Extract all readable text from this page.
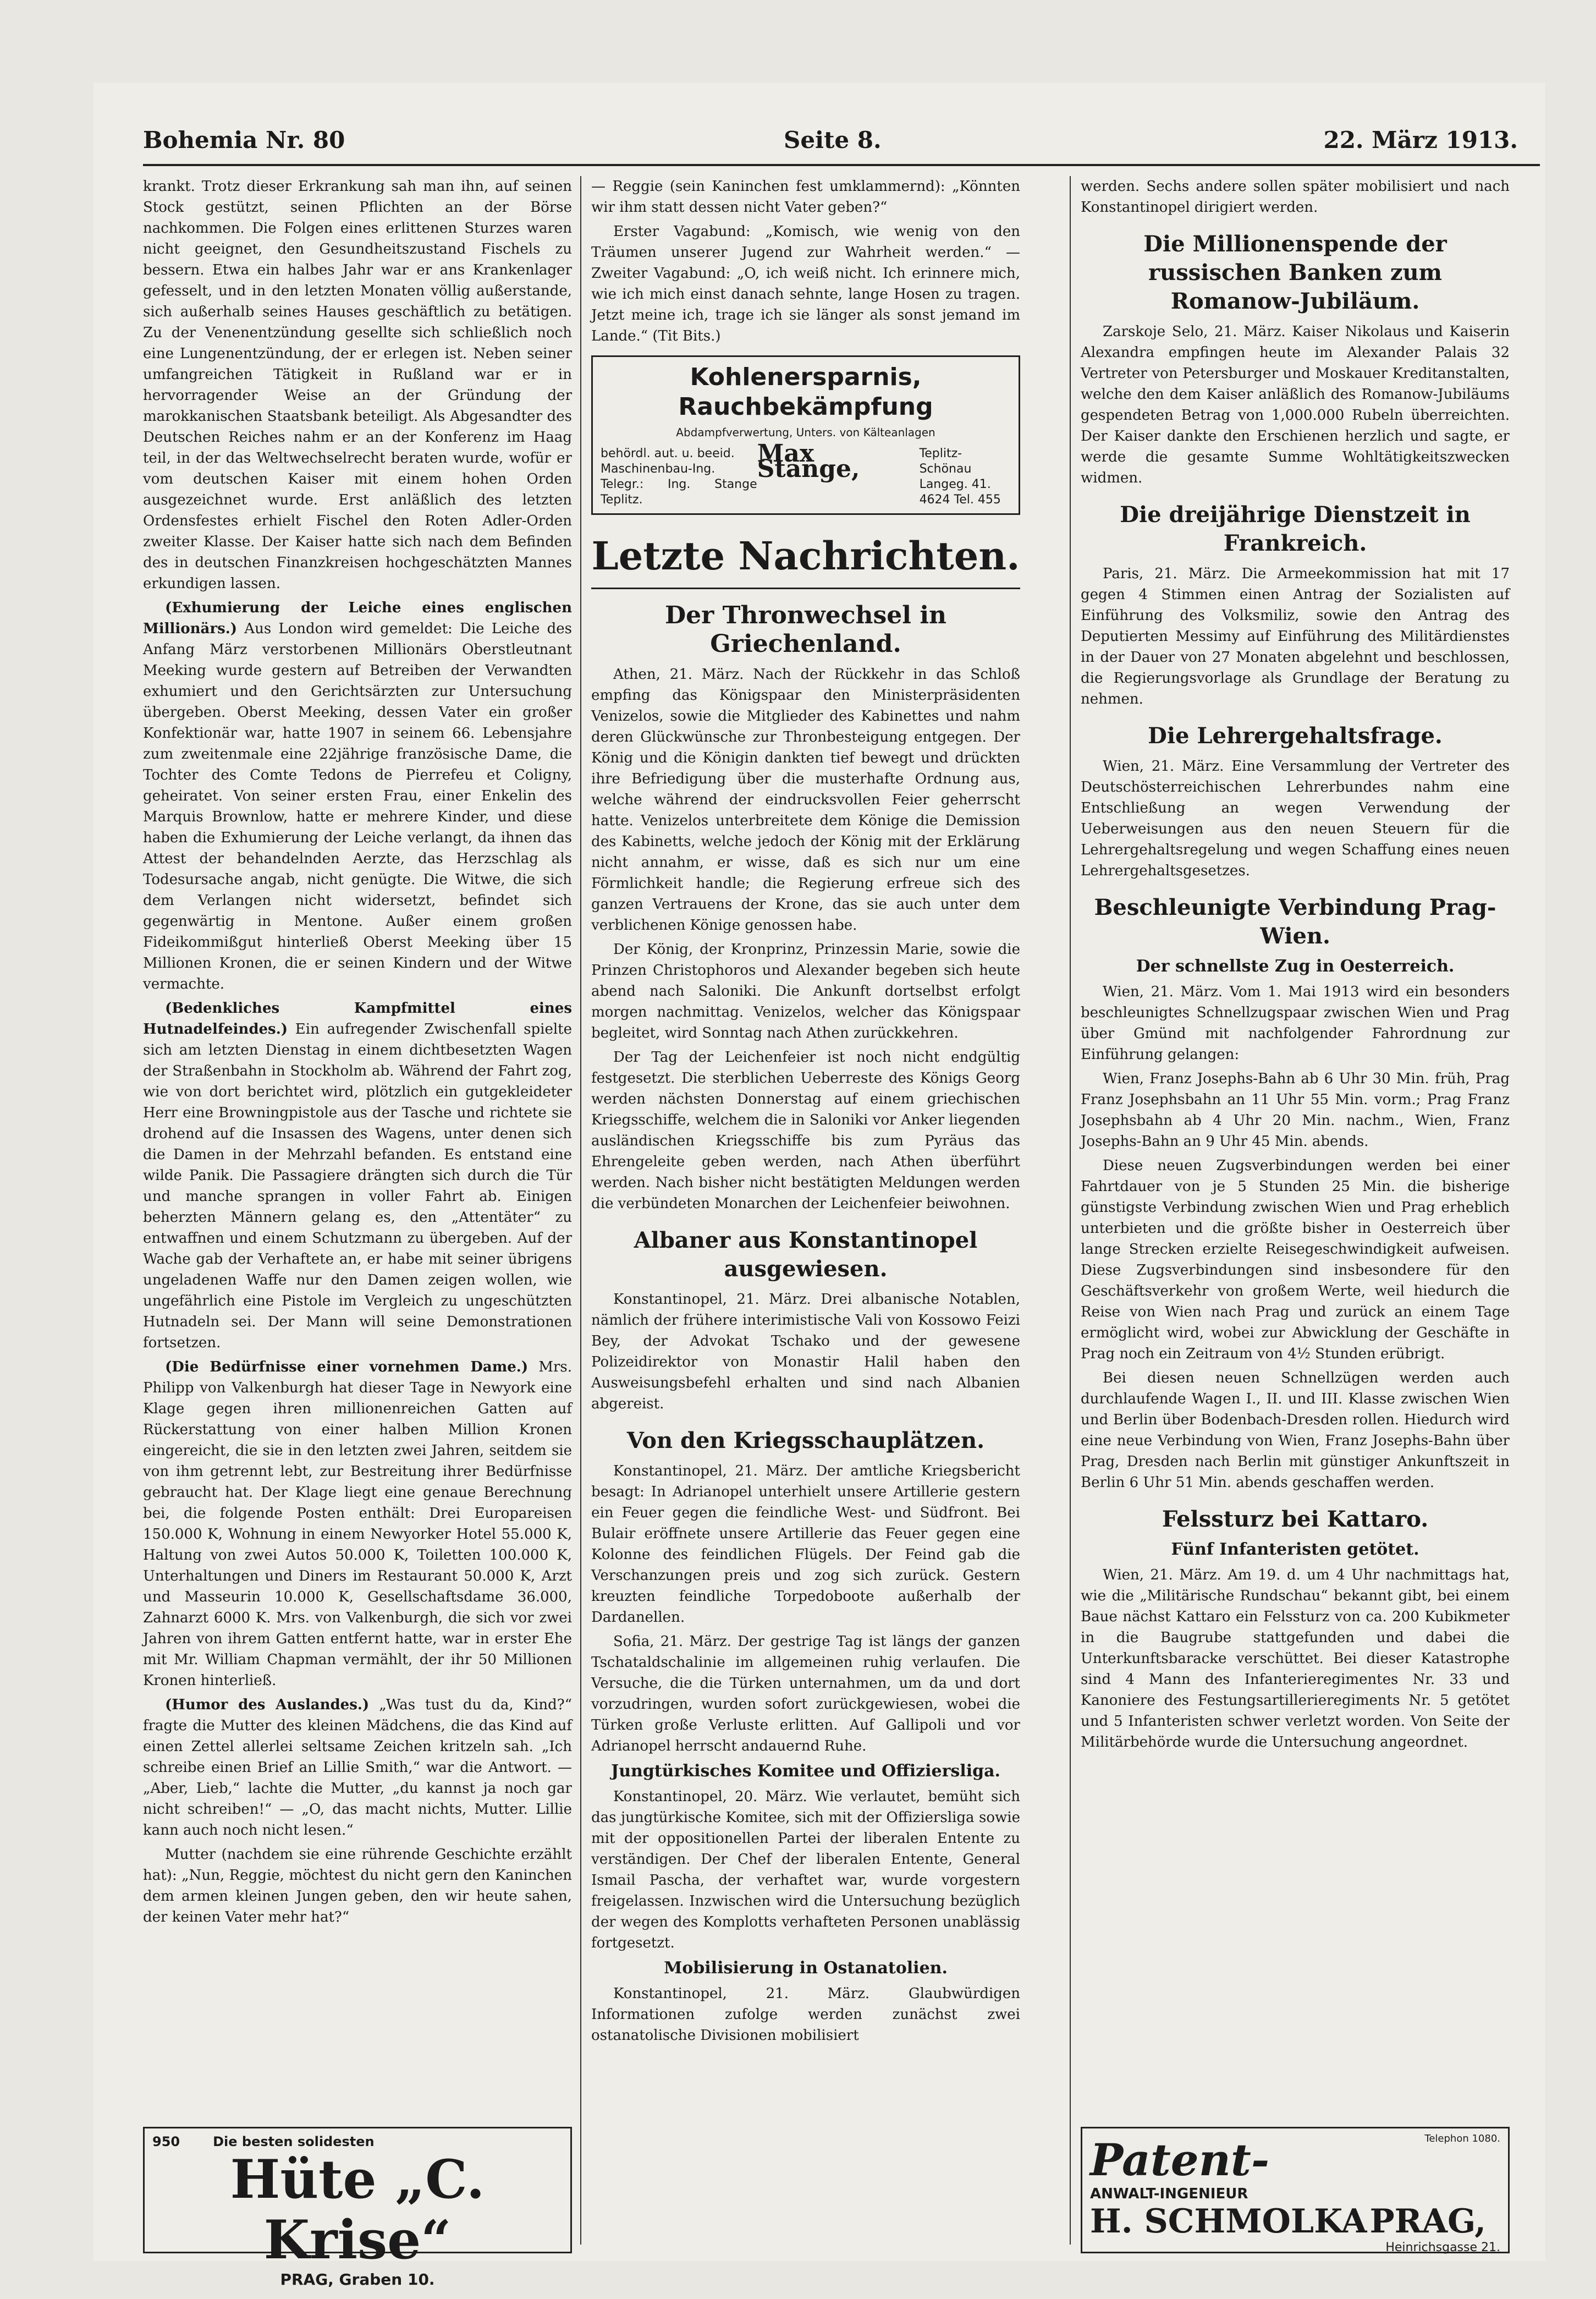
Bohemia Nr. 80	Seite 8.	22. März 1913.

krankt. Trotz dieser Erkrankung sah man ihn, auf seinen Stock gestützt, seinen Pflichten an der Börse nachkommen. Die Folgen eines erlittenen Sturzes waren nicht geeignet, den Gesundheitszustand Fischels zu bessern. Etwa ein halbes Jahr war er ans Krankenlager gefesselt, und in den letzten Monaten völlig außerstande, sich außerhalb seines Hauses geschäftlich zu betätigen. Zu der Venenentzündung gesellte sich schließlich noch eine Lungenentzündung, der er erlegen ist. Neben seiner umfangreichen Tätigkeit in Rußland war er in hervorragender Weise an der Gründung der marokkanischen Staatsbank beteiligt. Als Abgesandter des Deutschen Reiches nahm er an der Konferenz im Haag teil, in der das Weltwechselrecht beraten wurde, wofür er vom deutschen Kaiser mit einem hohen Orden ausgezeichnet wurde. Erst anläßlich des letzten Ordensfestes erhielt Fischel den Roten Adler-Orden zweiter Klasse. Der Kaiser hatte sich nach dem Befinden des in deutschen Finanzkreisen hochgeschätzten Mannes erkundigen lassen.

(Exhumierung der Leiche eines englischen Millionärs.) Aus London wird gemeldet: Die Leiche des Anfang März verstorbenen Millionärs Oberstleutnant Meeking wurde gestern auf Betreiben der Verwandten exhumiert und den Gerichtsärzten zur Untersuchung übergeben. Oberst Meeking, dessen Vater ein großer Konfektionär war, hatte 1907 in seinem 66. Lebensjahre zum zweitenmale eine 22jährige französische Dame, die Tochter des Comte Tedons de Pierrefeu et Coligny, geheiratet. Von seiner ersten Frau, einer Enkelin des Marquis Brownlow, hatte er mehrere Kinder, und diese haben die Exhumierung der Leiche verlangt, da ihnen das Attest der behandelnden Aerzte, das Herzschlag als Todesursache angab, nicht genügte. Die Witwe, die sich dem Verlangen nicht widersetzt, befindet sich gegenwärtig in Mentone. Außer einem großen Fideikommißgut hinterließ Oberst Meeking über 15 Millionen Kronen, die er seinen Kindern und der Witwe vermachte.

(Bedenkliches Kampfmittel eines Hutnadelfeindes.) Ein aufregender Zwischenfall spielte sich am letzten Dienstag in einem dichtbesetzten Wagen der Straßenbahn in Stockholm ab. Während der Fahrt zog, wie von dort berichtet wird, plötzlich ein gutgekleideter Herr eine Browningpistole aus der Tasche und richtete sie drohend auf die Insassen des Wagens, unter denen sich die Damen in der Mehrzahl befanden. Es entstand eine wilde Panik. Die Passagiere drängten sich durch die Tür und manche sprangen in voller Fahrt ab. Einigen beherzten Männern gelang es, den „Attentäter“ zu entwaffnen und einem Schutzmann zu übergeben. Auf der Wache gab der Verhaftete an, er habe mit seiner übrigens ungeladenen Waffe nur den Damen zeigen wollen, wie ungefährlich eine Pistole im Vergleich zu ungeschützten Hutnadeln sei. Der Mann will seine Demonstrationen fortsetzen.

(Die Bedürfnisse einer vornehmen Dame.) Mrs. Philipp von Valkenburgh hat dieser Tage in Newyork eine Klage gegen ihren millionenreichen Gatten auf Rückerstattung von einer halben Million Kronen eingereicht, die sie in den letzten zwei Jahren, seitdem sie von ihm getrennt lebt, zur Bestreitung ihrer Bedürfnisse gebraucht hat. Der Klage liegt eine genaue Berechnung bei, die folgende Posten enthält: Drei Europareisen 150.000 K, Wohnung in einem Newyorker Hotel 55.000 K, Haltung von zwei Autos 50.000 K, Toiletten 100.000 K, Unterhaltungen und Diners im Restaurant 50.000 K, Arzt und Masseurin 10.000 K, Gesellschaftsdame 36.000, Zahnarzt 6000 K. Mrs. von Valkenburgh, die sich vor zwei Jahren von ihrem Gatten entfernt hatte, war in erster Ehe mit Mr. William Chapman vermählt, der ihr 50 Millionen Kronen hinterließ.

(Humor des Auslandes.) „Was tust du da, Kind?“ fragte die Mutter des kleinen Mädchens, die das Kind auf einen Zettel allerlei seltsame Zeichen kritzeln sah. „Ich schreibe einen Brief an Lillie Smith,“ war die Antwort. — „Aber, Lieb,“ lachte die Mutter, „du kannst ja noch gar nicht schreiben!“ — „O, das macht nichts, Mutter. Lillie kann auch noch nicht lesen.“

Mutter (nachdem sie eine rührende Geschichte erzählt hat): „Nun, Reggie, möchtest du nicht gern den Kaninchen dem armen kleinen Jungen geben, den wir heute sahen, der keinen Vater mehr hat?“

950	Die besten solidesten
Hüte „C. Krise“
PRAG, Graben 10.

— Reggie (sein Kaninchen fest umklammernd): „Könnten wir ihm statt dessen nicht Vater geben?“

Erster Vagabund: „Komisch, wie wenig von den Träumen unserer Jugend zur Wahrheit werden.“ — Zweiter Vagabund: „O, ich weiß nicht. Ich erinnere mich, wie ich mich einst danach sehnte, lange Hosen zu tragen. Jetzt meine ich, trage ich sie länger als sonst jemand im Lande.“ (Tit Bits.)

Kohlenersparnis, Rauchbekämpfung
Abdampfverwertung, Unters. von Kälteanlagen
behördl. aut. u. beeid.
Maschinenbau-Ing.
Telegr.: Ing. Stange Teplitz.
Max Stange,
Teplitz-Schönau
Langeg. 41.
4624 Tel. 455
Letzte Nachrichten.
Der Thronwechsel in Griechenland.

Athen, 21. März. Nach der Rückkehr in das Schloß empfing das Königspaar den Ministerpräsidenten Venizelos, sowie die Mitglieder des Kabinettes und nahm deren Glückwünsche zur Thronbesteigung entgegen. Der König und die Königin dankten tief bewegt und drückten ihre Befriedigung über die musterhafte Ordnung aus, welche während der eindrucksvollen Feier geherrscht hatte. Venizelos unterbreitete dem Könige die Demission des Kabinetts, welche jedoch der König mit der Erklärung nicht annahm, er wisse, daß es sich nur um eine Förmlichkeit handle; die Regierung erfreue sich des ganzen Vertrauens der Krone, das sie auch unter dem verblichenen Könige genossen habe.

Der König, der Kronprinz, Prinzessin Marie, sowie die Prinzen Christophoros und Alexander begeben sich heute abend nach Saloniki. Die Ankunft dortselbst erfolgt morgen nachmittag. Venizelos, welcher das Königspaar begleitet, wird Sonntag nach Athen zurückkehren.

Der Tag der Leichenfeier ist noch nicht endgültig festgesetzt. Die sterblichen Ueberreste des Königs Georg werden nächsten Donnerstag auf einem griechischen Kriegsschiffe, welchem die in Saloniki vor Anker liegenden ausländischen Kriegsschiffe bis zum Pyräus das Ehrengeleite geben werden, nach Athen überführt werden. Nach bisher nicht bestätigten Meldungen werden die verbündeten Monarchen der Leichenfeier beiwohnen.

Albaner aus Konstantinopel ausgewiesen.

Konstantinopel, 21. März. Drei albanische Notablen, nämlich der frühere interimistische Vali von Kossowo Feizi Bey, der Advokat Tschako und der gewesene Polizeidirektor von Monastir Halil haben den Ausweisungsbefehl erhalten und sind nach Albanien abgereist.

Von den Kriegsschauplätzen.

Konstantinopel, 21. März. Der amtliche Kriegsbericht besagt: In Adrianopel unterhielt unsere Artillerie gestern ein Feuer gegen die feindliche West- und Südfront. Bei Bulair eröffnete unsere Artillerie das Feuer gegen eine Kolonne des feindlichen Flügels. Der Feind gab die Verschanzungen preis und zog sich zurück. Gestern kreuzten feindliche Torpedoboote außerhalb der Dardanellen.

Sofia, 21. März. Der gestrige Tag ist längs der ganzen Tschataldschalinie im allgemeinen ruhig verlaufen. Die Versuche, die die Türken unternahmen, um da und dort vorzudringen, wurden sofort zurückgewiesen, wobei die Türken große Verluste erlitten. Auf Gallipoli und vor Adrianopel herrscht andauernd Ruhe.

Jungtürkisches Komitee und Offiziersliga.

Konstantinopel, 20. März. Wie verlautet, bemüht sich das jungtürkische Komitee, sich mit der Offiziersliga sowie mit der oppositionellen Partei der liberalen Entente zu verständigen. Der Chef der liberalen Entente, General Ismail Pascha, der verhaftet war, wurde vorgestern freigelassen. Inzwischen wird die Untersuchung bezüglich der wegen des Komplotts verhafteten Personen unablässig fortgesetzt.

Mobilisierung in Ostanatolien.

Konstantinopel, 21. März. Glaubwürdigen Informationen zufolge werden zunächst zwei ostanatolische Divisionen mobilisiert

werden. Sechs andere sollen später mobilisiert und nach Konstantinopel dirigiert werden.

Die Millionenspende der russischen Banken zum Romanow-Jubiläum.

Zarskoje Selo, 21. März. Kaiser Nikolaus und Kaiserin Alexandra empfingen heute im Alexander Palais 32 Vertreter von Petersburger und Moskauer Kreditanstalten, welche den dem Kaiser anläßlich des Romanow-Jubiläums gespendeten Betrag von 1,000.000 Rubeln überreichten. Der Kaiser dankte den Erschienen herzlich und sagte, er werde die gesamte Summe Wohltätigkeitszwecken widmen.

Die dreijährige Dienstzeit in Frankreich.

Paris, 21. März. Die Armeekommission hat mit 17 gegen 4 Stimmen einen Antrag der Sozialisten auf Einführung des Volksmiliz, sowie den Antrag des Deputierten Messimy auf Einführung des Militärdienstes in der Dauer von 27 Monaten abgelehnt und beschlossen, die Regierungsvorlage als Grundlage der Beratung zu nehmen.

Die Lehrergehaltsfrage.

Wien, 21. März. Eine Versammlung der Vertreter des Deutschösterreichischen Lehrerbundes nahm eine Entschließung an wegen Verwendung der Ueberweisungen aus den neuen Steuern für die Lehrergehaltsregelung und wegen Schaffung eines neuen Lehrergehaltsgesetzes.

Beschleunigte Verbindung Prag-Wien.
Der schnellste Zug in Oesterreich.

Wien, 21. März. Vom 1. Mai 1913 wird ein besonders beschleunigtes Schnellzugspaar zwischen Wien und Prag über Gmünd mit nachfolgender Fahrordnung zur Einführung gelangen:

Wien, Franz Josephs-Bahn ab 6 Uhr 30 Min. früh, Prag Franz Josephsbahn an 11 Uhr 55 Min. vorm.; Prag Franz Josephsbahn ab 4 Uhr 20 Min. nachm., Wien, Franz Josephs-Bahn an 9 Uhr 45 Min. abends.

Diese neuen Zugsverbindungen werden bei einer Fahrtdauer von je 5 Stunden 25 Min. die bisherige günstigste Verbindung zwischen Wien und Prag erheblich unterbieten und die größte bisher in Oesterreich über lange Strecken erzielte Reisegeschwindigkeit aufweisen. Diese Zugsverbindungen sind insbesondere für den Geschäftsverkehr von großem Werte, weil hiedurch die Reise von Wien nach Prag und zurück an einem Tage ermöglicht wird, wobei zur Abwicklung der Geschäfte in Prag noch ein Zeitraum von 4½ Stunden erübrigt.

Bei diesen neuen Schnellzügen werden auch durchlaufende Wagen I., II. und III. Klasse zwischen Wien und Berlin über Bodenbach-Dresden rollen. Hiedurch wird eine neue Verbindung von Wien, Franz Josephs-Bahn über Prag, Dresden nach Berlin mit günstiger Ankunftszeit in Berlin 6 Uhr 51 Min. abends geschaffen werden.

Felssturz bei Kattaro.
Fünf Infanteristen getötet.

Wien, 21. März. Am 19. d. um 4 Uhr nachmittags hat, wie die „Militärische Rundschau“ bekannt gibt, bei einem Baue nächst Kattaro ein Felssturz von ca. 200 Kubikmeter in die Baugrube stattgefunden und dabei die Unterkunftsbaracke verschüttet. Bei dieser Katastrophe sind 4 Mann des Infanterieregimentes Nr. 33 und Kanoniere des Festungsartillerieregiments Nr. 5 getötet und 5 Infanteristen schwer verletzt worden. Von Seite der Militärbehörde wurde die Untersuchung angeordnet.

Telephon 1080.
Patent-
ANWALT-INGENIEUR
H. SCHMOLKA PRAG,
Heinrichsgasse 21.
